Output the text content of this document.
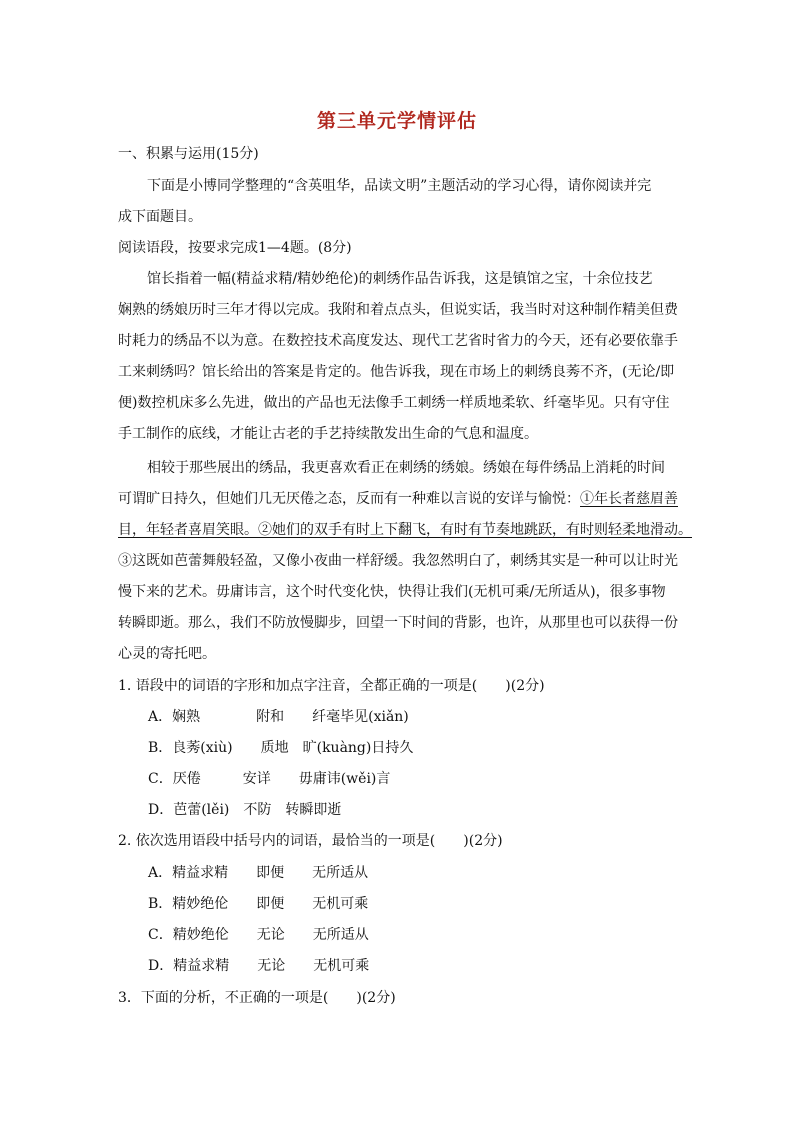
第三单元学情评估
一、积累与运用(15分)
下面是小博同学整理的“含英咀华，品读文明”主题活动的学习心得，请你阅读并完
成下面题目。
阅读语段，按要求完成1—4题。(8分)
馆长指着一幅(精益求精/精妙绝伦)的刺绣作品告诉我，这是镇馆之宝，十余位技艺
娴熟的绣娘历时三年才得以完成。我附和着点点头，但说实话，我当时对这种制作精美但费
时耗力的绣品不以为意。在数控技术高度发达、现代工艺省时省力的今天，还有必要依靠手
工来刺绣吗？馆长给出的答案是肯定的。他告诉我，现在市场上的刺绣良莠不齐，(无论/即
便)数控机床多么先进，做出的产品也无法像手工刺绣一样质地柔软、纤毫毕见。只有守住
手工制作的底线，才能让古老的手艺持续散发出生命的气息和温度。
相较于那些展出的绣品，我更喜欢看正在刺绣的绣娘。绣娘在每件绣品上消耗的时间
可谓旷日持久，但她们几无厌倦之态，反而有一种难以言说的安详与愉悦：①年长者慈眉善
目，年轻者喜眉笑眼。②她们的双手有时上下翻飞，有时有节奏地跳跃，有时则轻柔地滑动。
③这既如芭蕾舞般轻盈，又像小夜曲一样舒缓。我忽然明白了，刺绣其实是一种可以让时光
慢下来的艺术。毋庸讳言，这个时代变化快，快得让我们(无机可乘/无所适从)，很多事物
转瞬即逝。那么，我们不防放慢脚步，回望一下时间的背影，也许，从那里也可以获得一份
心灵的寄托吧。
1. 语段中的词语的字形和加点字注音，全都正确的一项是(　　)(2分)
A．娴熟　　　　附和　　纤毫毕见(xiǎn)
B．良莠(xiù)　　质地　旷(kuàng)日持久
C．厌倦　　　安详　　毋庸讳(wěi)言
D．芭蕾(lěi)　不防　转瞬即逝
2. 依次选用语段中括号内的词语，最恰当的一项是(　　)(2分)
A．精益求精　　即便　　无所适从
B．精妙绝伦　　即便　　无机可乘
C．精妙绝伦　　无论　　无所适从
D．精益求精　　无论　　无机可乘
3．下面的分析，不正确的一项是(　　)(2分)
